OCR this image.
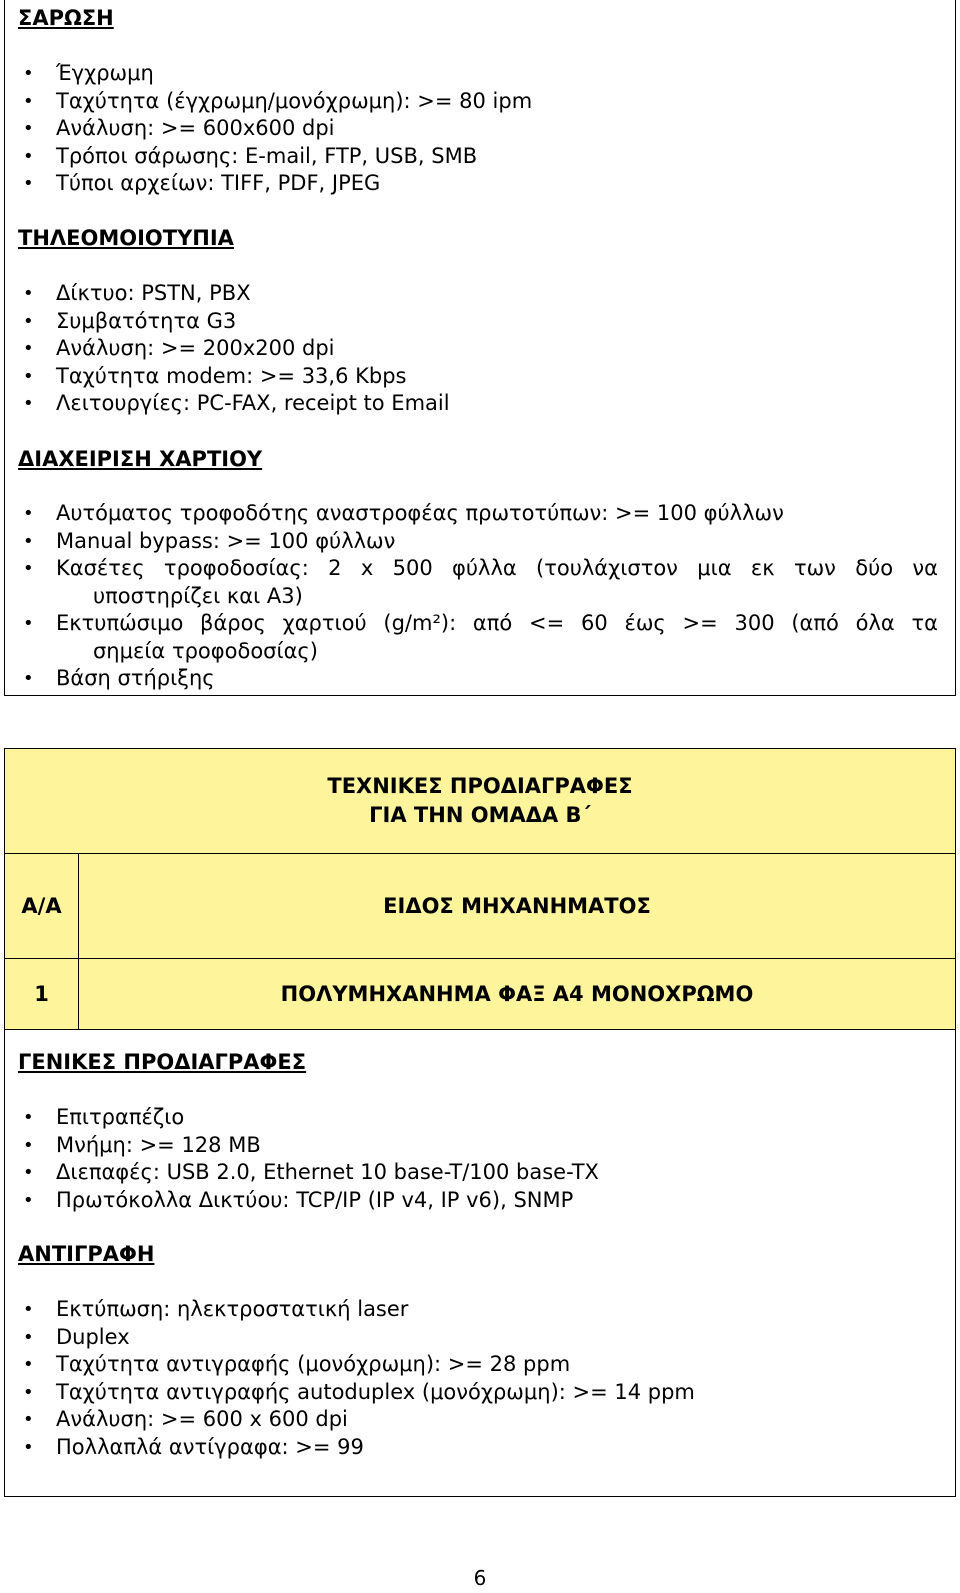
ΣΑΡΩΣΗ

• Έγχρωμη
• Ταχύτητα (έγχρωμη/μονόχρωμη): >= 80 ipm
• Ανάλυση: >= 600x600 dpi
• Τρόποι σάρωσης: E-mail, FTP, USB, SMB
• Τύποι αρχείων: TIFF, PDF, JPEG

ΤΗΛΕΟΜΟΙΟΤΥΠΙΑ

• Δίκτυο: PSTN, PBX
• Συμβατότητα G3
• Ανάλυση: >= 200x200 dpi
• Ταχύτητα modem: >= 33,6 Kbps
• Λειτουργίες: PC-FAX, receipt to Email

ΔΙΑΧΕΙΡΙΣΗ ΧΑΡΤΙΟΥ

• Αυτόματος τροφοδότης αναστροφέας πρωτοτύπων: >= 100 φύλλων
• Manual bypass: >= 100 φύλλων
• Κασέτες τροφοδοσίας: 2 x 500 φύλλα (τουλάχιστον μια εκ των δύο να
υποστηρίζει και A3)
• Εκτυπώσιμο βάρος χαρτιού (g/m²): από <= 60 έως >= 300 (από όλα τα
σημεία τροφοδοσίας)
• Βάση στήριξης
ΤΕΧΝΙΚΕΣ ΠΡΟΔΙΑΓΡΑΦΕΣ
ΓΙΑ ΤΗΝ ΟΜΑΔΑ Β΄
Α/Α	ΕΙΔΟΣ ΜΗΧΑΝΗΜΑΤΟΣ
1	ΠΟΛΥΜΗΧΑΝΗΜΑ ΦΑΞ Α4 ΜΟΝΟΧΡΩΜΟ

ΓΕΝΙΚΕΣ ΠΡΟΔΙΑΓΡΑΦΕΣ

• Επιτραπέζιο
• Μνήμη: >= 128 MB
• Διεπαφές: USB 2.0, Ethernet 10 base-T/100 base-TX
• Πρωτόκολλα Δικτύου: TCP/IP (IP v4, IP v6), SNMP

ΑΝΤΙΓΡΑΦΗ

• Εκτύπωση: ηλεκτροστατική laser
• Duplex
• Ταχύτητα αντιγραφής (μονόχρωμη): >= 28 ppm
• Ταχύτητα αντιγραφής autoduplex (μονόχρωμη): >= 14 ppm
• Ανάλυση: >= 600 x 600 dpi
• Πολλαπλά αντίγραφα: >= 99
6
